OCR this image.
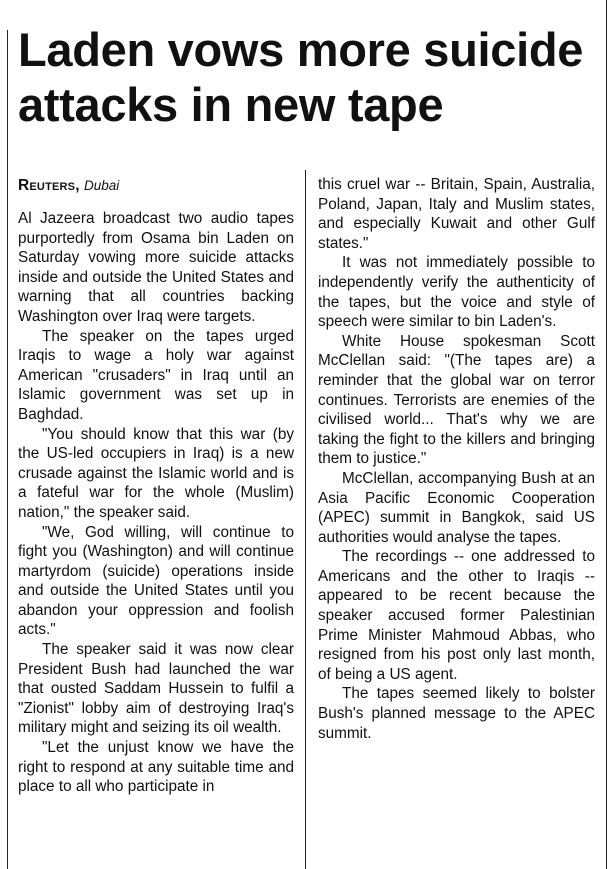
Laden vows more suicide attacks in new tape
Reuters, Dubai

Al Jazeera broadcast two audio tapes purportedly from Osama bin Laden on Saturday vowing more suicide attacks inside and outside the United States and warning that all countries backing Washington over Iraq were targets.

The speaker on the tapes urged Iraqis to wage a holy war against American "crusaders" in Iraq until an Islamic government was set up in Baghdad.

"You should know that this war (by the US-led occupiers in Iraq) is a new crusade against the Islamic world and is a fateful war for the whole (Muslim) nation," the speaker said.

"We, God willing, will continue to fight you (Washington) and will continue martyrdom (suicide) operations inside and outside the United States until you abandon your oppression and foolish acts."

The speaker said it was now clear President Bush had launched the war that ousted Saddam Hussein to fulfil a "Zionist" lobby aim of destroying Iraq's military might and seizing its oil wealth.

"Let the unjust know we have the right to respond at any suitable time and place to all who participate in

this cruel war -- Britain, Spain, Australia, Poland, Japan, Italy and Muslim states, and especially Kuwait and other Gulf states."

It was not immediately possible to independently verify the authenticity of the tapes, but the voice and style of speech were similar to bin Laden's.

White House spokesman Scott McClellan said: "(The tapes are) a reminder that the global war on terror continues. Terrorists are enemies of the civilised world... That's why we are taking the fight to the killers and bringing them to justice."

McClellan, accompanying Bush at an Asia Pacific Economic Cooperation (APEC) summit in Bangkok, said US authorities would analyse the tapes.

The recordings -- one addressed to Americans and the other to Iraqis -- appeared to be recent because the speaker accused former Palestinian Prime Minister Mahmoud Abbas, who resigned from his post only last month, of being a US agent.

The tapes seemed likely to bolster Bush's planned message to the APEC summit.
